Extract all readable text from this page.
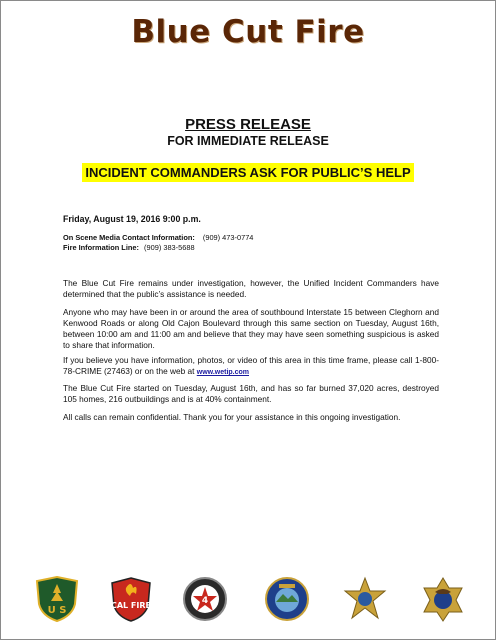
Blue Cut Fire
PRESS RELEASE
FOR IMMEDIATE RELEASE
INCIDENT COMMANDERS ASK FOR PUBLIC’S HELP
Friday, August 19, 2016 9:00 p.m.
On Scene Media Contact Information: (909) 473-0774
Fire Information Line: (909) 383-5688
The Blue Cut Fire remains under investigation, however, the Unified Incident Commanders have determined that the public’s assistance is needed.
Anyone who may have been in or around the area of southbound Interstate 15 between Cleghorn and Kenwood Roads or along Old Cajon Boulevard through this same section on Tuesday, August 16th, between 10:00 am and 11:00 am and believe that they may have seen something suspicious is asked to share that information.
If you believe you have information, photos, or video of this area in this time frame, please call 1-800-78-CRIME (27463) or on the web at www.wetip.com
The Blue Cut Fire started on Tuesday, August 16th, and has so far burned 37,020 acres, destroyed 105 homes, 216 outbuildings and is at 40% containment.
All calls can remain confidential. Thank you for your assistance in this ongoing investigation.
U S	CAL FIRE	4
